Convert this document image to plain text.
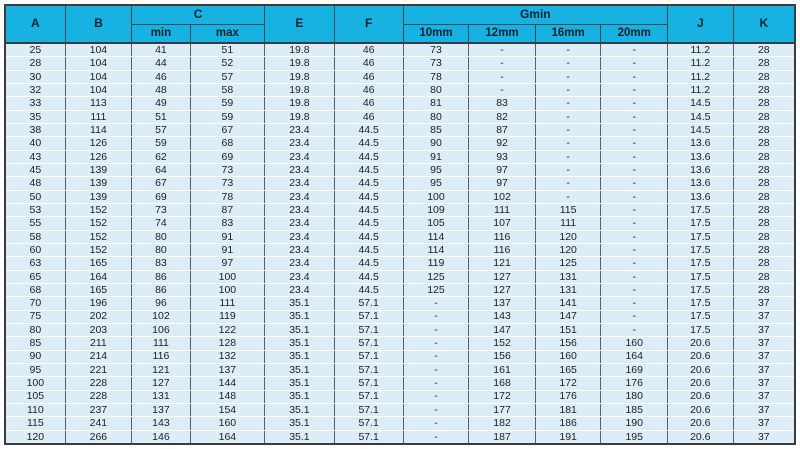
A	B	C		E	F	Gmin				J	K
		min	max			10mm	12mm	16mm	20mm		
25	104	41	51	19.8	46	73	-	-	-	11.2	28
28	104	44	52	19.8	46	73	-	-	-	11.2	28
30	104	46	57	19.8	46	78	-	-	-	11.2	28
32	104	48	58	19.8	46	80	-	-	-	11.2	28
33	113	49	59	19.8	46	81	83	-	-	14.5	28
35	111	51	59	19.8	46	80	82	-	-	14.5	28
38	114	57	67	23.4	44.5	85	87	-	-	14.5	28
40	126	59	68	23.4	44.5	90	92	-	-	13.6	28
43	126	62	69	23.4	44.5	91	93	-	-	13.6	28
45	139	64	73	23.4	44.5	95	97	-	-	13.6	28
48	139	67	73	23.4	44.5	95	97	-	-	13.6	28
50	139	69	78	23.4	44.5	100	102	-	-	13.6	28
53	152	73	87	23.4	44.5	109	111	115	-	17.5	28
55	152	74	83	23.4	44.5	105	107	111	-	17.5	28
58	152	80	91	23.4	44.5	114	116	120	-	17.5	28
60	152	80	91	23.4	44.5	114	116	120	-	17.5	28
63	165	83	97	23.4	44.5	119	121	125	-	17.5	28
65	164	86	100	23.4	44.5	125	127	131	-	17.5	28
68	165	86	100	23.4	44.5	125	127	131	-	17.5	28
70	196	96	111	35.1	57.1	-	137	141	-	17.5	37
75	202	102	119	35.1	57.1	-	143	147	-	17.5	37
80	203	106	122	35.1	57.1	-	147	151	-	17.5	37
85	211	111	128	35.1	57.1	-	152	156	160	20.6	37
90	214	116	132	35.1	57.1	-	156	160	164	20.6	37
95	221	121	137	35.1	57.1	-	161	165	169	20.6	37
100	228	127	144	35.1	57.1	-	168	172	176	20.6	37
105	228	131	148	35.1	57.1	-	172	176	180	20.6	37
110	237	137	154	35.1	57.1	-	177	181	185	20.6	37
115	241	143	160	35.1	57.1	-	182	186	190	20.6	37
120	266	146	164	35.1	57.1	-	187	191	195	20.6	37
